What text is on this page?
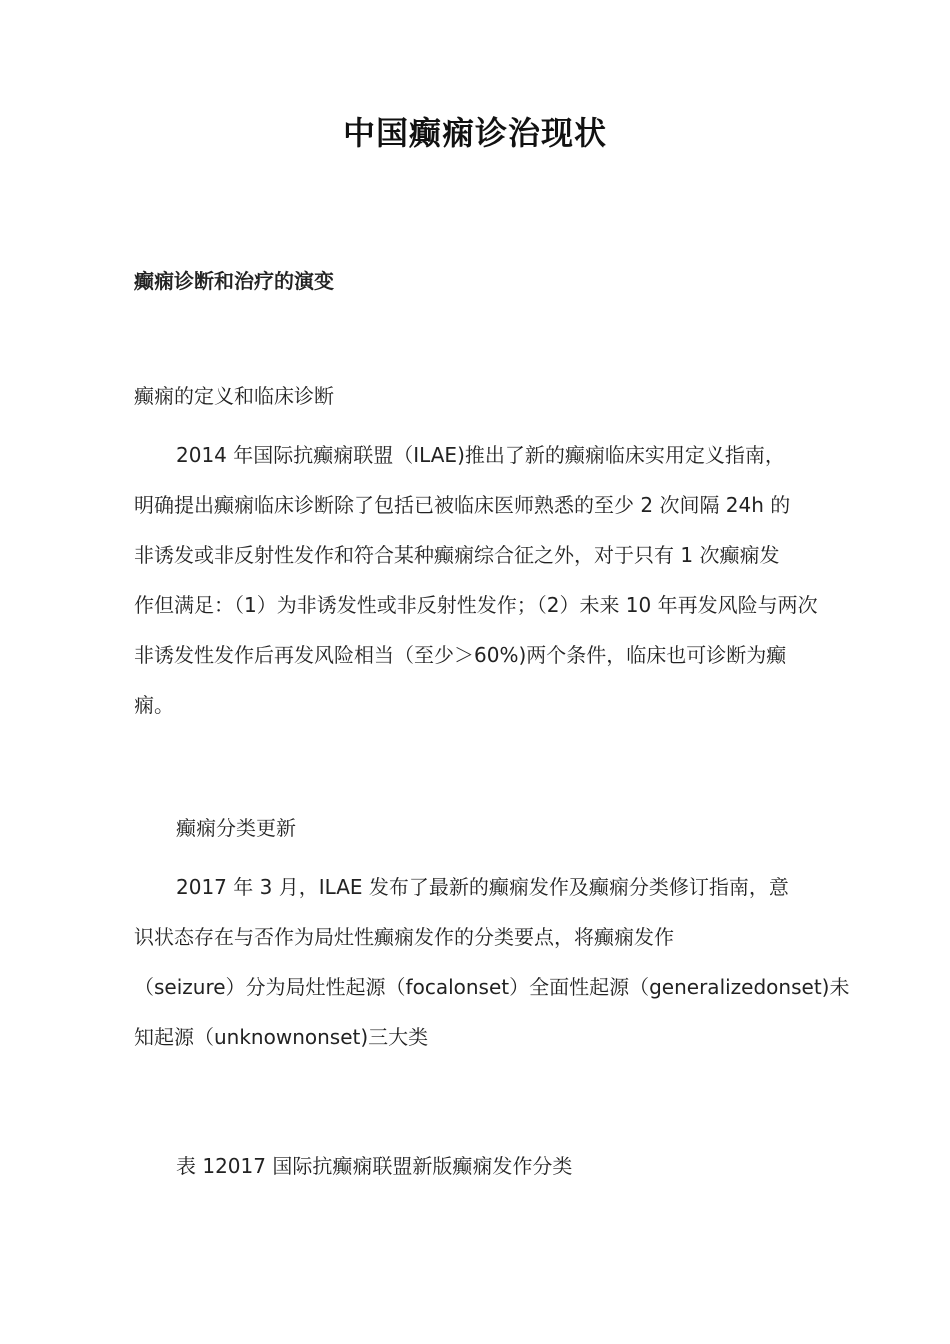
中国癫痫诊治现状
癫痫诊断和治疗的演变
癫痫的定义和临床诊断
2014 年国际抗癫痫联盟（ILAE)推出了新的癫痫临床实用定义指南，
明确提出癫痫临床诊断除了包括已被临床医师熟悉的至少 2 次间隔 24h 的
非诱发或非反射性发作和符合某种癫痫综合征之外，对于只有 1 次癫痫发
作但满足：（1）为非诱发性或非反射性发作；（2）未来 10 年再发风险与两次
非诱发性发作后再发风险相当（至少＞60%)两个条件，临床也可诊断为癫
痫。
癫痫分类更新
2017 年 3 月，ILAE 发布了最新的癫痫发作及癫痫分类修订指南，意
识状态存在与否作为局灶性癫痫发作的分类要点，将癫痫发作
（seizure）分为局灶性起源（focalonset）全面性起源（generalizedonset)未
知起源（unknownonset)三大类
表 12017 国际抗癫痫联盟新版癫痫发作分类
